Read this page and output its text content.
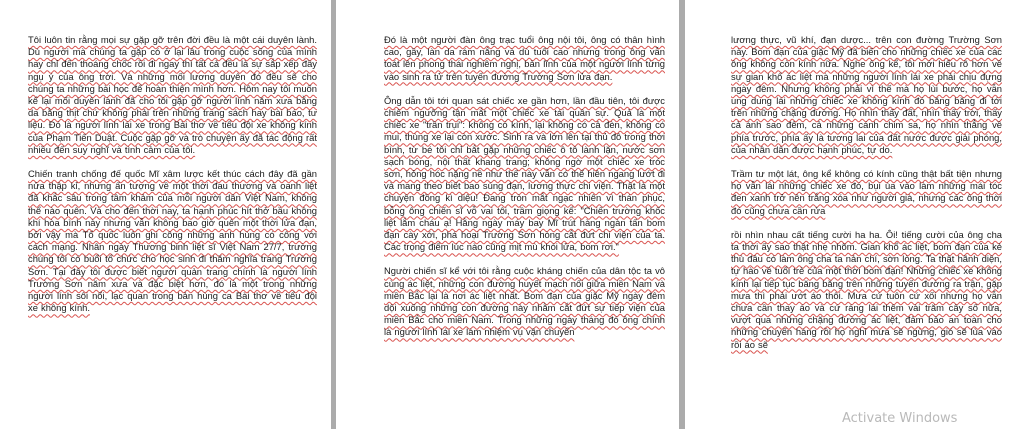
Tôi luôn tin rằng mọi sự gặp gỡ trên đời đều là một cái duyên lành. Dù người mà chúng ta gặp có ở lại lâu trong cuộc sống của mình hay chỉ đến thoáng chốc rồi đi ngay thì tất cả đều là sự sắp xếp đầy ngụ ý của ông trời. Và những mối lương duyên đó đều sẽ cho chúng ta những bài học để hoàn thiện mình hơn. Hôm nay tôi muốn kể lại mối duyên lành đã cho tôi gặp gỡ người lính năm xưa bằng da bằng thịt chứ không phải trên những trang sách hay bài báo, tư liệu. Đó là người lính lái xe trong Bài thơ về tiểu đội xe không kính của Phạm Tiến Duật. Cuộc gặp gỡ và trò chuyện ấy đã tác động rất nhiều đến suy nghĩ và tình cảm của tôi.

Chiến tranh chống đế quốc Mĩ xâm lược kết thúc cách đây đã gần nửa thập kỉ, nhưng ấn tượng về một thời đau thương và oanh liệt đã khắc sâu trong tâm khảm của mỗi người dân Việt Nam, không thể nào quên. Và cho đến thời nay, ta hạnh phúc hít thở bầu không khí hòa bình này nhưng vẫn không bao giờ quên một thời lửa đạn, bởi vậy mà Tổ quốc luôn ghi công những anh hùng có công với cách mạng. Nhân ngày Thương binh liệt sĩ Việt Nam 27/7, trường chúng tôi có buổi tổ chức cho học sinh đi thăm nghĩa trang Trường Sơn. Tại đây tôi được biết người quản trang chính là người lính Trường Sơn năm xưa và đặc biệt hơn, đó là một trong những người lính sôi nổi, lạc quan trong bản hùng ca Bài thơ về tiểu đội xe không kính.

Đó là một người đàn ông trạc tuổi ông nội tôi, ông có thân hình cao, gầy, làn da rám nắng và dù tuổi cao nhưng trong ông vẫn toát lên phong thái nghiêm nghị, bản lĩnh của một người lính từng vào sinh ra tử trên tuyến đường Trường Sơn lửa đạn.

Ông dẫn tôi tới quan sát chiếc xe gần hơn, lần đầu tiên, tôi được chiêm ngưỡng tận mắt một chiếc xe tái quân sự. Quả là một chiếc xe "trần trụi": không có kính, lại không có cả đèn, không có mui, thùng xe lại còn xước. Sinh ra và lớn lên tại thủ đô trong thời bình, từ bé tôi chỉ bắt gặp những chiếc ô tô lành lặn, nước sơn sạch bóng, nội thất khang trang; không ngờ một chiếc xe tróc sơn, hỏng hóc nặng nề như thế này vẫn có thể hiên ngang lướt đi và mang theo biết bao súng đạn, lương thực chi viện. Thật là một chuyện đồng kì diệu! Đang tròn mắt ngạc nhiên vì thán phục, bỗng ông chiến sĩ vỗ vai tôi, trầm giọng kể: "Chiến trường khốc liệt lắm cháu ạ! Hằng ngày máy bay Mĩ trút hàng ngàn tấn bom đạn cày xới, phá hoại Trường Sơn hòng cắt đứt chi viện của ta. Các trọng điểm lúc nào cũng mịt mù khói lửa, bom rơi."

Người chiến sĩ kể với tôi rằng cuộc kháng chiến của dân tộc ta vô cùng ác liệt, những con đường huyết mạch nối giữa miền Nam và miền Bắc lại là nơi ác liệt nhất. Bom đạn của giặc Mỹ ngày đêm dội xuống những con đường này nhằm cắt đứt sự tiếp viện của miền Bắc cho miền Nam. Trong những ngày tháng đó ông chính là người lính lái xe làm nhiệm vụ vận chuyển

lương thực, vũ khí, đạn dược... trên con đường Trường Sơn này. Bom đạn của giặc Mỹ đã biến cho những chiếc xe của các ông không còn kính nữa. Nghe ông kể, tôi mới hiểu rõ hơn về sự gian khổ ác liệt mà những người lính lái xe phải chịu đựng ngày đêm. Nhưng không phải vì thế mà họ lùi bước, họ vẫn ung dung lái những chiếc xe không kính đó băng băng đi tới trên những chặng đường. Họ nhìn thấy đất, nhìn thấy trời, thấy cả ánh sao đêm, cả những cánh chim sa, họ nhìn thẳng về phía trước, phía ấy là tương lai của đất nước được giải phóng, của nhân dân được hạnh phúc, tự do.

Trầm tư một lát, ông kể không có kính cũng thật bất tiện nhưng họ vẫn lái những chiếc xe đó, bụi ùa vào làm những mái tóc đen xanh trở nên trắng xóa như người già, nhưng các ông thời đó cũng chưa cần rửa

rồi nhìn nhau cất tiếng cười ha ha. Ôi! tiếng cười của ông cha ta thời ấy sao thật nhẹ nhõm. Gian khổ ác liệt, bom đạn của kẻ thù đâu có làm ông cha ta nản chí, sờn lòng. Ta thật hãnh diện, tự hào về tuổi trẻ của một thời bom đạn! Những chiếc xe không kính lại tiếp tục băng băng trên những tuyến đường ra trận, gặp mưa thì phải ướt áo thôi. Mưa cứ tuôn cứ xối nhưng họ vẫn chưa cần thay áo và cứ ráng lái thêm vài trăm cây số nữa, vượt qua những chặng đường ác liệt, đảm bảo an toàn cho những chuyến hàng rồi họ nghỉ mưa sẽ ngừng, gió sẽ lùa vào rồi áo sẽ

Activate Windows
